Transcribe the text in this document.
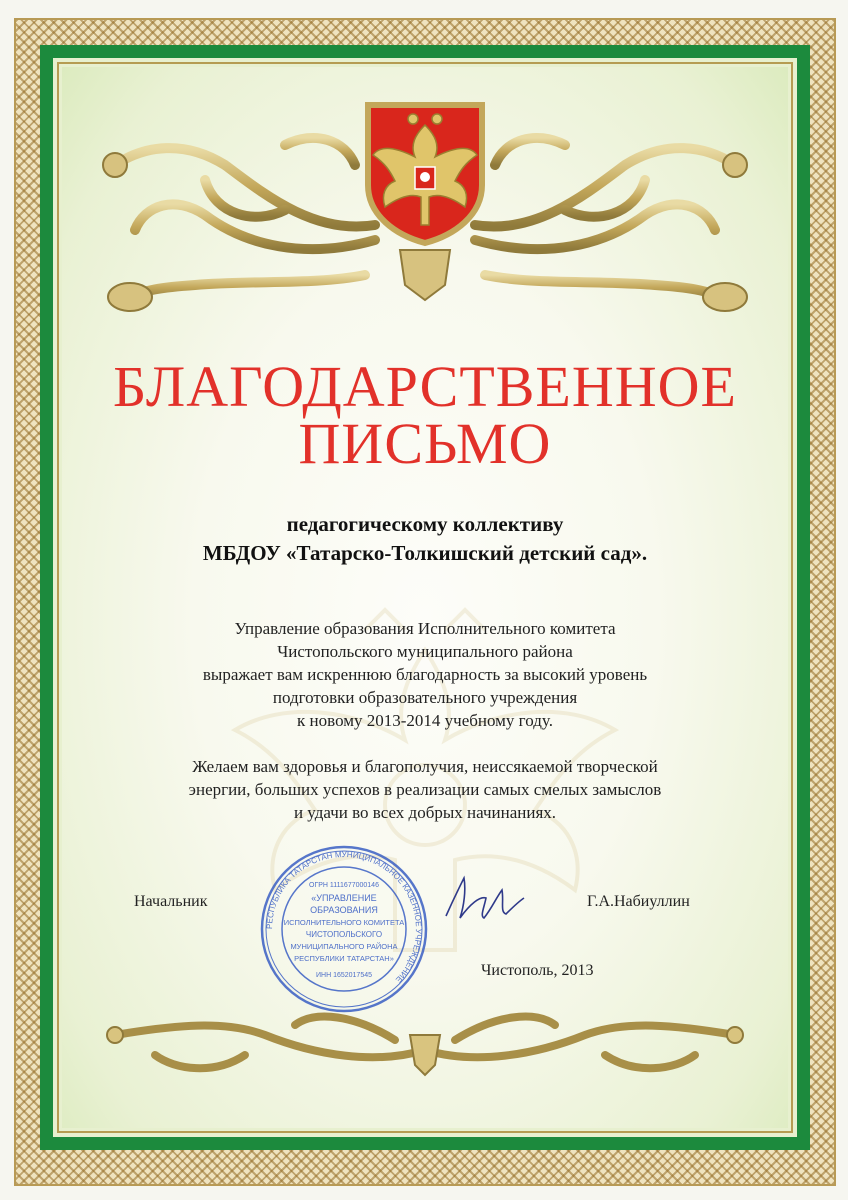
БЛАГОДАРСТВЕННОЕ
ПИСЬМО
педагогическому коллективу
МБДОУ «Татарско-Толкишский детский сад».
Управление образования Исполнительного комитета
Чистопольского муниципального района
выражает вам искреннюю благодарность за высокий уровень
подготовки образовательного учреждения
к новому 2013-2014 учебному году.
Желаем вам здоровья и благополучия, неиссякаемой творческой
энергии, больших успехов в реализации самых смелых замыслов
и удачи во всех добрых начинаниях.
Начальник	Г.А.Набиуллин
Чистополь, 2013
РЕСПУБЛИКА ТАТАРСТАН МУНИЦИПАЛЬНОЕ КАЗЕННОЕ УЧРЕЖДЕНИЕ
ОГРН 1111677000146
«УПРАВЛЕНИЕ
ОБРАЗОВАНИЯ
ИСПОЛНИТЕЛЬНОГО КОМИТЕТА
ЧИСТОПОЛЬСКОГО
МУНИЦИПАЛЬНОГО РАЙОНА
РЕСПУБЛИКИ ТАТАРСТАН»
ИНН 1652017545
